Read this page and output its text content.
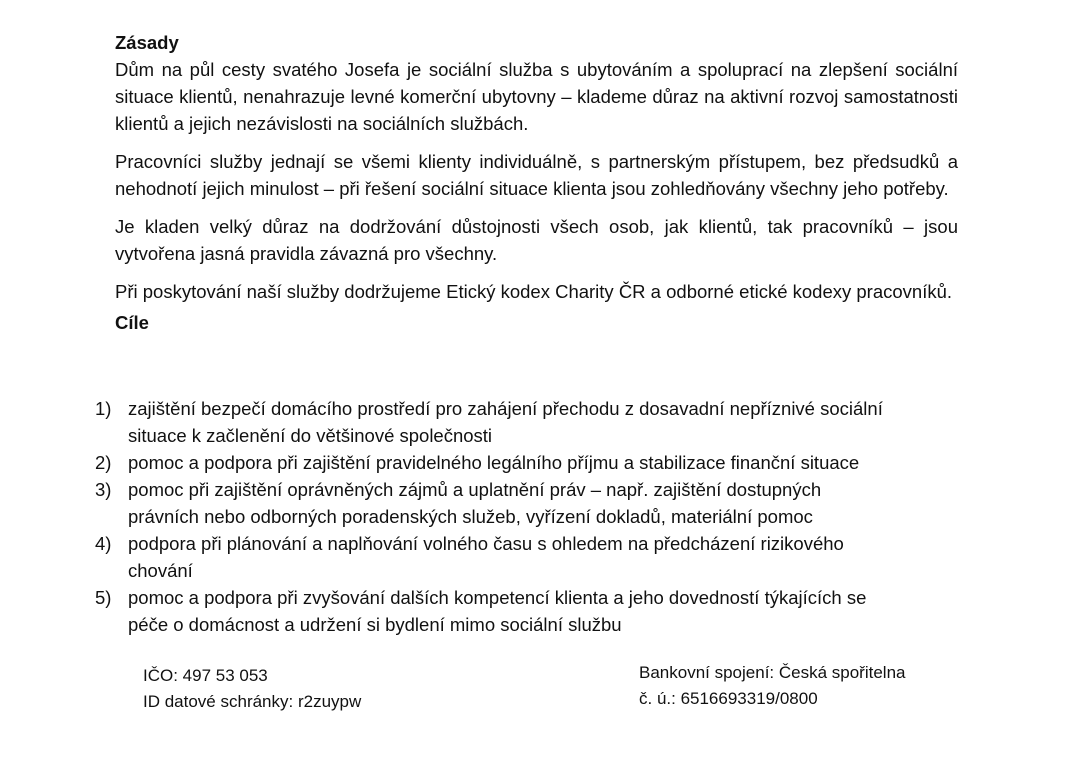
Zásady

Dům na půl cesty svatého Josefa je sociální služba s ubytováním a spoluprací na zlepšení sociální situace klientů, nenahrazuje levné komerční ubytovny – klademe důraz na aktivní rozvoj samostatnosti klientů a jejich nezávislosti na sociálních službách.

Pracovníci služby jednají se všemi klienty individuálně, s partnerským přístupem, bez předsudků a nehodnotí jejich minulost – při řešení sociální situace klienta jsou zohledňovány všechny jeho potřeby.

Je kladen velký důraz na dodržování důstojnosti všech osob, jak klientů, tak pracovníků – jsou vytvořena jasná pravidla závazná pro všechny.

Při poskytování naší služby dodržujeme Etický kodex Charity ČR a odborné etické kodexy pracovníků.

Cíle

1) zajištění bezpečí domácího prostředí pro zahájení přechodu z dosavadní nepříznivé sociální
situace k začlenění do většinové společnosti
2) pomoc a podpora při zajištění pravidelného legálního příjmu a stabilizace finanční situace
3) pomoc při zajištění oprávněných zájmů a uplatnění práv – např. zajištění dostupných
právních nebo odborných poradenských služeb, vyřízení dokladů, materiální pomoc
4) podpora při plánování a naplňování volného času s ohledem na předcházení rizikového
chování
5) pomoc a podpora při zvyšování dalších kompetencí klienta a jeho dovedností týkajících se
péče o domácnost a udržení si bydlení mimo sociální službu
IČO: 497 53 053
ID datové schránky: r2zuypw
Bankovní spojení: Česká spořitelna
č. ú.: 6516693319/0800
